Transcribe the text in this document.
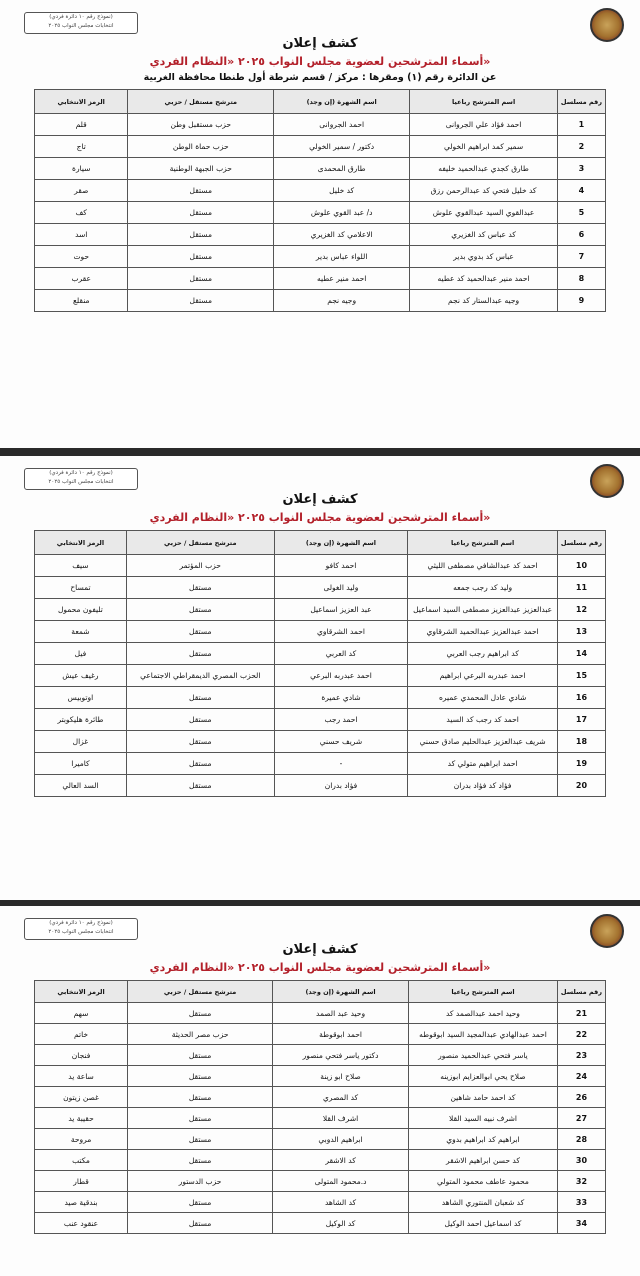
(نموذج رقم ١٠ دائرة فردي)
انتخابات مجلس النواب ٢٠٢٥
كشف إعلان
أسماء المترشحين لعضوية مجلس النواب ٢٠٢٥ «النظام الفردي»
عن الدائرة رقم (١) ومقرها : مركز / قسم شرطة أول طنطا محافظة الغربية
رقم مسلسل	اسم المترشح رباعيا	اسم الشهرة (إن وجد)	مترشح مستقل / حزبي	الرمز الانتخابي
1	احمد فؤاد علي الجروانى	احمد الجروانى	حزب مستقبل وطن	قلم
2	سمير كمد ابراهيم الخولي	دكتور / سمير الخولي	حزب حماة الوطن	تاج
3	طارق كجدي عبدالحميد خليفه	طارق المحمدى	حزب الجبهة الوطنية	سيارة
4	كد خليل فتحي كد عبدالرحمن رزق	كد خليل	مستقل	صقر
5	عبدالقوي السيد عبدالقوي علوش	د/ عبد القوي علوش	مستقل	كف
6	كد عباس كد الغزيري	الاعلامي كد الغزيري	مستقل	اسد
7	عباس كد بدوي بدير	اللواء عباس بدير	مستقل	حوت
8	احمد منير عبدالحميد كد عطيه	احمد منير عطيه	مستقل	عقرب
9	وجيه عبدالستار كد نجم	وجيه نجم	مستقل	منقلع
(نموذج رقم ١٠ دائرة فردي)
انتخابات مجلس النواب ٢٠٢٥
كشف إعلان
أسماء المترشحين لعضوية مجلس النواب ٢٠٢٥ «النظام الفردي»
رقم مسلسل	اسم المترشح رباعيا	اسم الشهرة (إن وجد)	مترشح مستقل / حزبي	الرمز الانتخابي
10	احمد كد عبدالشافي مصطفى الليثي	احمد كافو	حزب المؤتمر	سيف
11	وليد كد رجب جمعه	وليد الغولى	مستقل	تمساح
12	عبدالعزيز عبدالعزيز مصطفى السيد اسماعيل	عبد العزيز اسماعيل	مستقل	تليفون محمول
13	احمد عبدالعزيز عبدالحميد الشرقاوي	احمد الشرقاوي	مستقل	شمعة
14	كد ابراهيم رجب العربي	كد العربي	مستقل	فيل
15	احمد عبدربه البرعي ابراهيم	احمد عبدربه البرعي	الحزب المصري الديمقراطي الاجتماعي	رغيف عيش
16	شادي عادل المحمدي عميره	شادي عميرة	مستقل	اوتوبيس
17	احمد كد رجب كد السيد	احمد رجب	مستقل	طائرة هليكوبتر
18	شريف عبدالعزيز عبدالحليم صادق حسني	شريف حسني	مستقل	غزال
19	احمد ابراهيم متولي كد	-	مستقل	كاميرا
20	فؤاد كد فؤاد بدران	فؤاد بدران	مستقل	السد العالي
(نموذج رقم ١٠ دائرة فردي)
انتخابات مجلس النواب ٢٠٢٥
كشف إعلان
أسماء المترشحين لعضوية مجلس النواب ٢٠٢٥ «النظام الفردي»
رقم مسلسل	اسم المترشح رباعيا	اسم الشهرة (إن وجد)	مترشح مستقل / حزبي	الرمز الانتخابي
21	وحيد احمد عبدالصمد كد	وحيد عبد الصمد	مستقل	سهم
22	احمد عبدالهادي عبدالمجيد السيد ابوقوطه	احمد ابوقوطة	حزب مصر الحديثة	خاتم
23	ياسر فتحي عبدالحميد منصور	دكتور ياسر فتحي منصور	مستقل	فنجان
24	صلاح يحي ابوالعزايم ابوزينه	صلاح ابو زينة	مستقل	ساعة يد
26	كد احمد حامد شاهين	كد المصري	مستقل	غصن زيتون
27	اشرف نبيه السيد القلا	اشرف القلا	مستقل	حقيبة يد
28	ابراهيم كد ابراهيم بدوي	ابراهيم الدوبي	مستقل	مروحة
30	كد حسن ابراهيم الاشقر	كد الاشقر	مستقل	مكتب
32	محمود عاطف محمود المتولي	د.محمود المتولى	حزب الدستور	قطار
33	كد شعبان المنتوري الشاهد	كد الشاهد	مستقل	بندقية صيد
34	كد اسماعيل احمد الوكيل	كد الوكيل	مستقل	عنقود عنب
